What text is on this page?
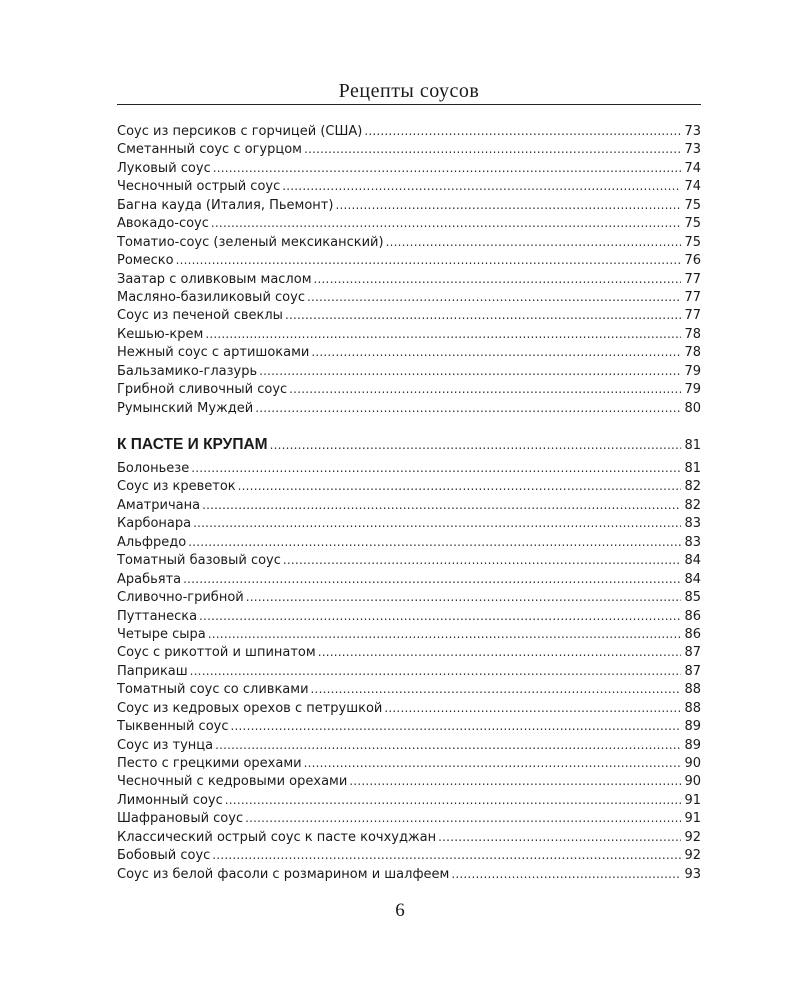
Рецепты соусов
Соус из персиков с горчицей (США) .....	73
Сметанный соус с огурцом .....	73
Луковый соус .....	74
Чесночный острый соус .....	74
Багна кауда (Италия, Пьемонт) .....	75
Авокадо-соус .....	75
Томатио-соус (зеленый мексиканский) .....	75
Ромеско .....	76
Заатар с оливковым маслом .....	77
Масляно-базиликовый соус .....	77
Соус из печеной свеклы .....	77
Кешью-крем .....	78
Нежный соус с артишоками .....	78
Бальзамико-глазурь .....	79
Грибной сливочный соус .....	79
Румынский Муждей .....	80
К ПАСТЕ И КРУПАМ .....	81
Болоньезе .....	81
Соус из креветок .....	82
Аматричана .....	82
Карбонара .....	83
Альфредо .....	83
Томатный базовый соус .....	84
Арабьята .....	84
Сливочно-грибной .....	85
Путтанеска .....	86
Четыре сыра .....	86
Соус с рикоттой и шпинатом .....	87
Паприкаш .....	87
Томатный соус со сливками .....	88
Соус из кедровых орехов с петрушкой .....	88
Тыквенный соус .....	89
Соус из тунца .....	89
Песто с грецкими орехами .....	90
Чесночный с кедровыми орехами .....	90
Лимонный соус .....	91
Шафрановый соус .....	91
Классический острый соус к пасте кочхуджан .....	92
Бобовый соус .....	92
Соус из белой фасоли с розмарином и шалфеем .....	93
6
